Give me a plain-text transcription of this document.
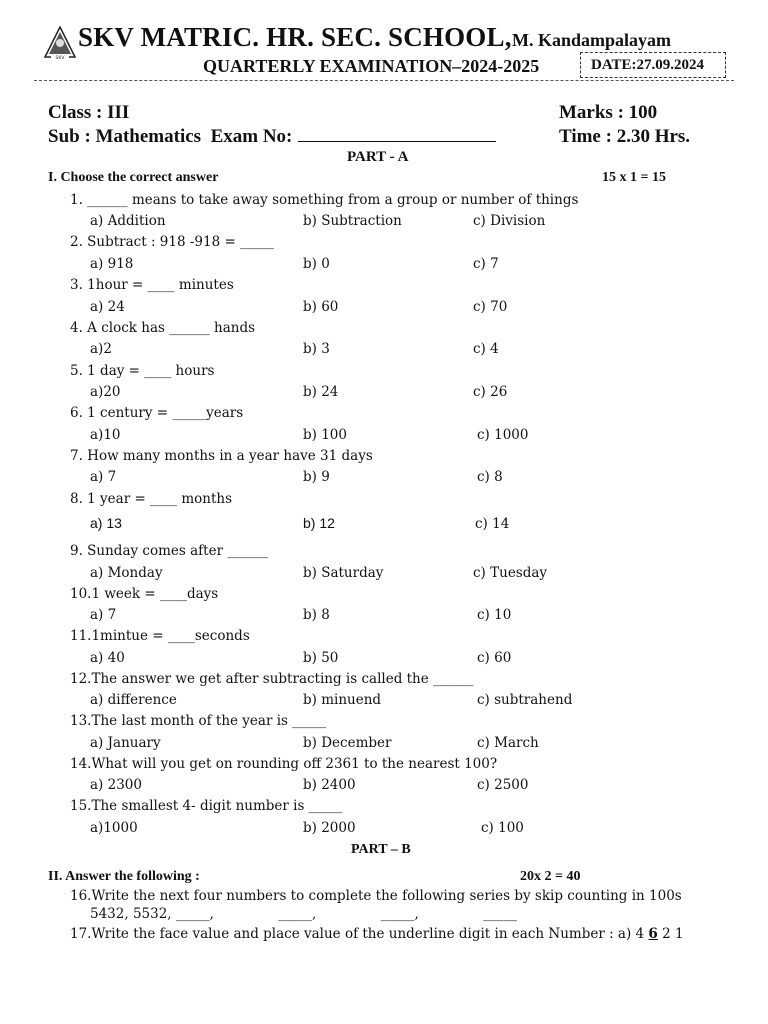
SKV
SKV MATRIC. HR. SEC. SCHOOL, M. Kandampalayam
QUARTERLY EXAMINATION–2024-2025	DATE:27.09.2024
Class : III	Marks : 100
Sub : Mathematics Exam No:	Time : 2.30 Hrs.
PART - A
I. Choose the correct answer	15 x 1 = 15
1. ______ means to take away something from a group or number of things
a) Addition	b) Subtraction	c) Division
2. Subtract : 918 -918 = _____
a) 918	b) 0	c) 7
3. 1hour = ____ minutes
a) 24	b) 60	c) 70
4. A clock has ______ hands
a)2	b) 3	c) 4
5. 1 day = ____ hours
a)20	b) 24	c) 26
6. 1 century = _____years
a)10	b) 100	c) 1000
7. How many months in a year have 31 days
a) 7	b) 9	c) 8
8. 1 year = ____ months
a) 13	b) 12	c) 14
9. Sunday comes after ______
a) Monday	b) Saturday	c) Tuesday
10.1 week = ____days
a) 7	b) 8	c) 10
11.1mintue = ____seconds
a) 40	b) 50	c) 60
12.The answer we get after subtracting is called the ______
a) difference	b) minuend	c) subtrahend
13.The last month of the year is _____
a) January	b) December	c) March
14.What will you get on rounding off 2361 to the nearest 100?
a) 2300	b) 2400	c) 2500
15.The smallest 4- digit number is _____
a)1000	b) 2000	c) 100
PART – B
II. Answer the following :	20x 2 = 40
16.Write the next four numbers to complete the following series by skip counting in 100s
5432, 5532, _____,               _____,               _____,               _____
17.Write the face value and place value of the underline digit in each Number : a) 4 6 2 1
